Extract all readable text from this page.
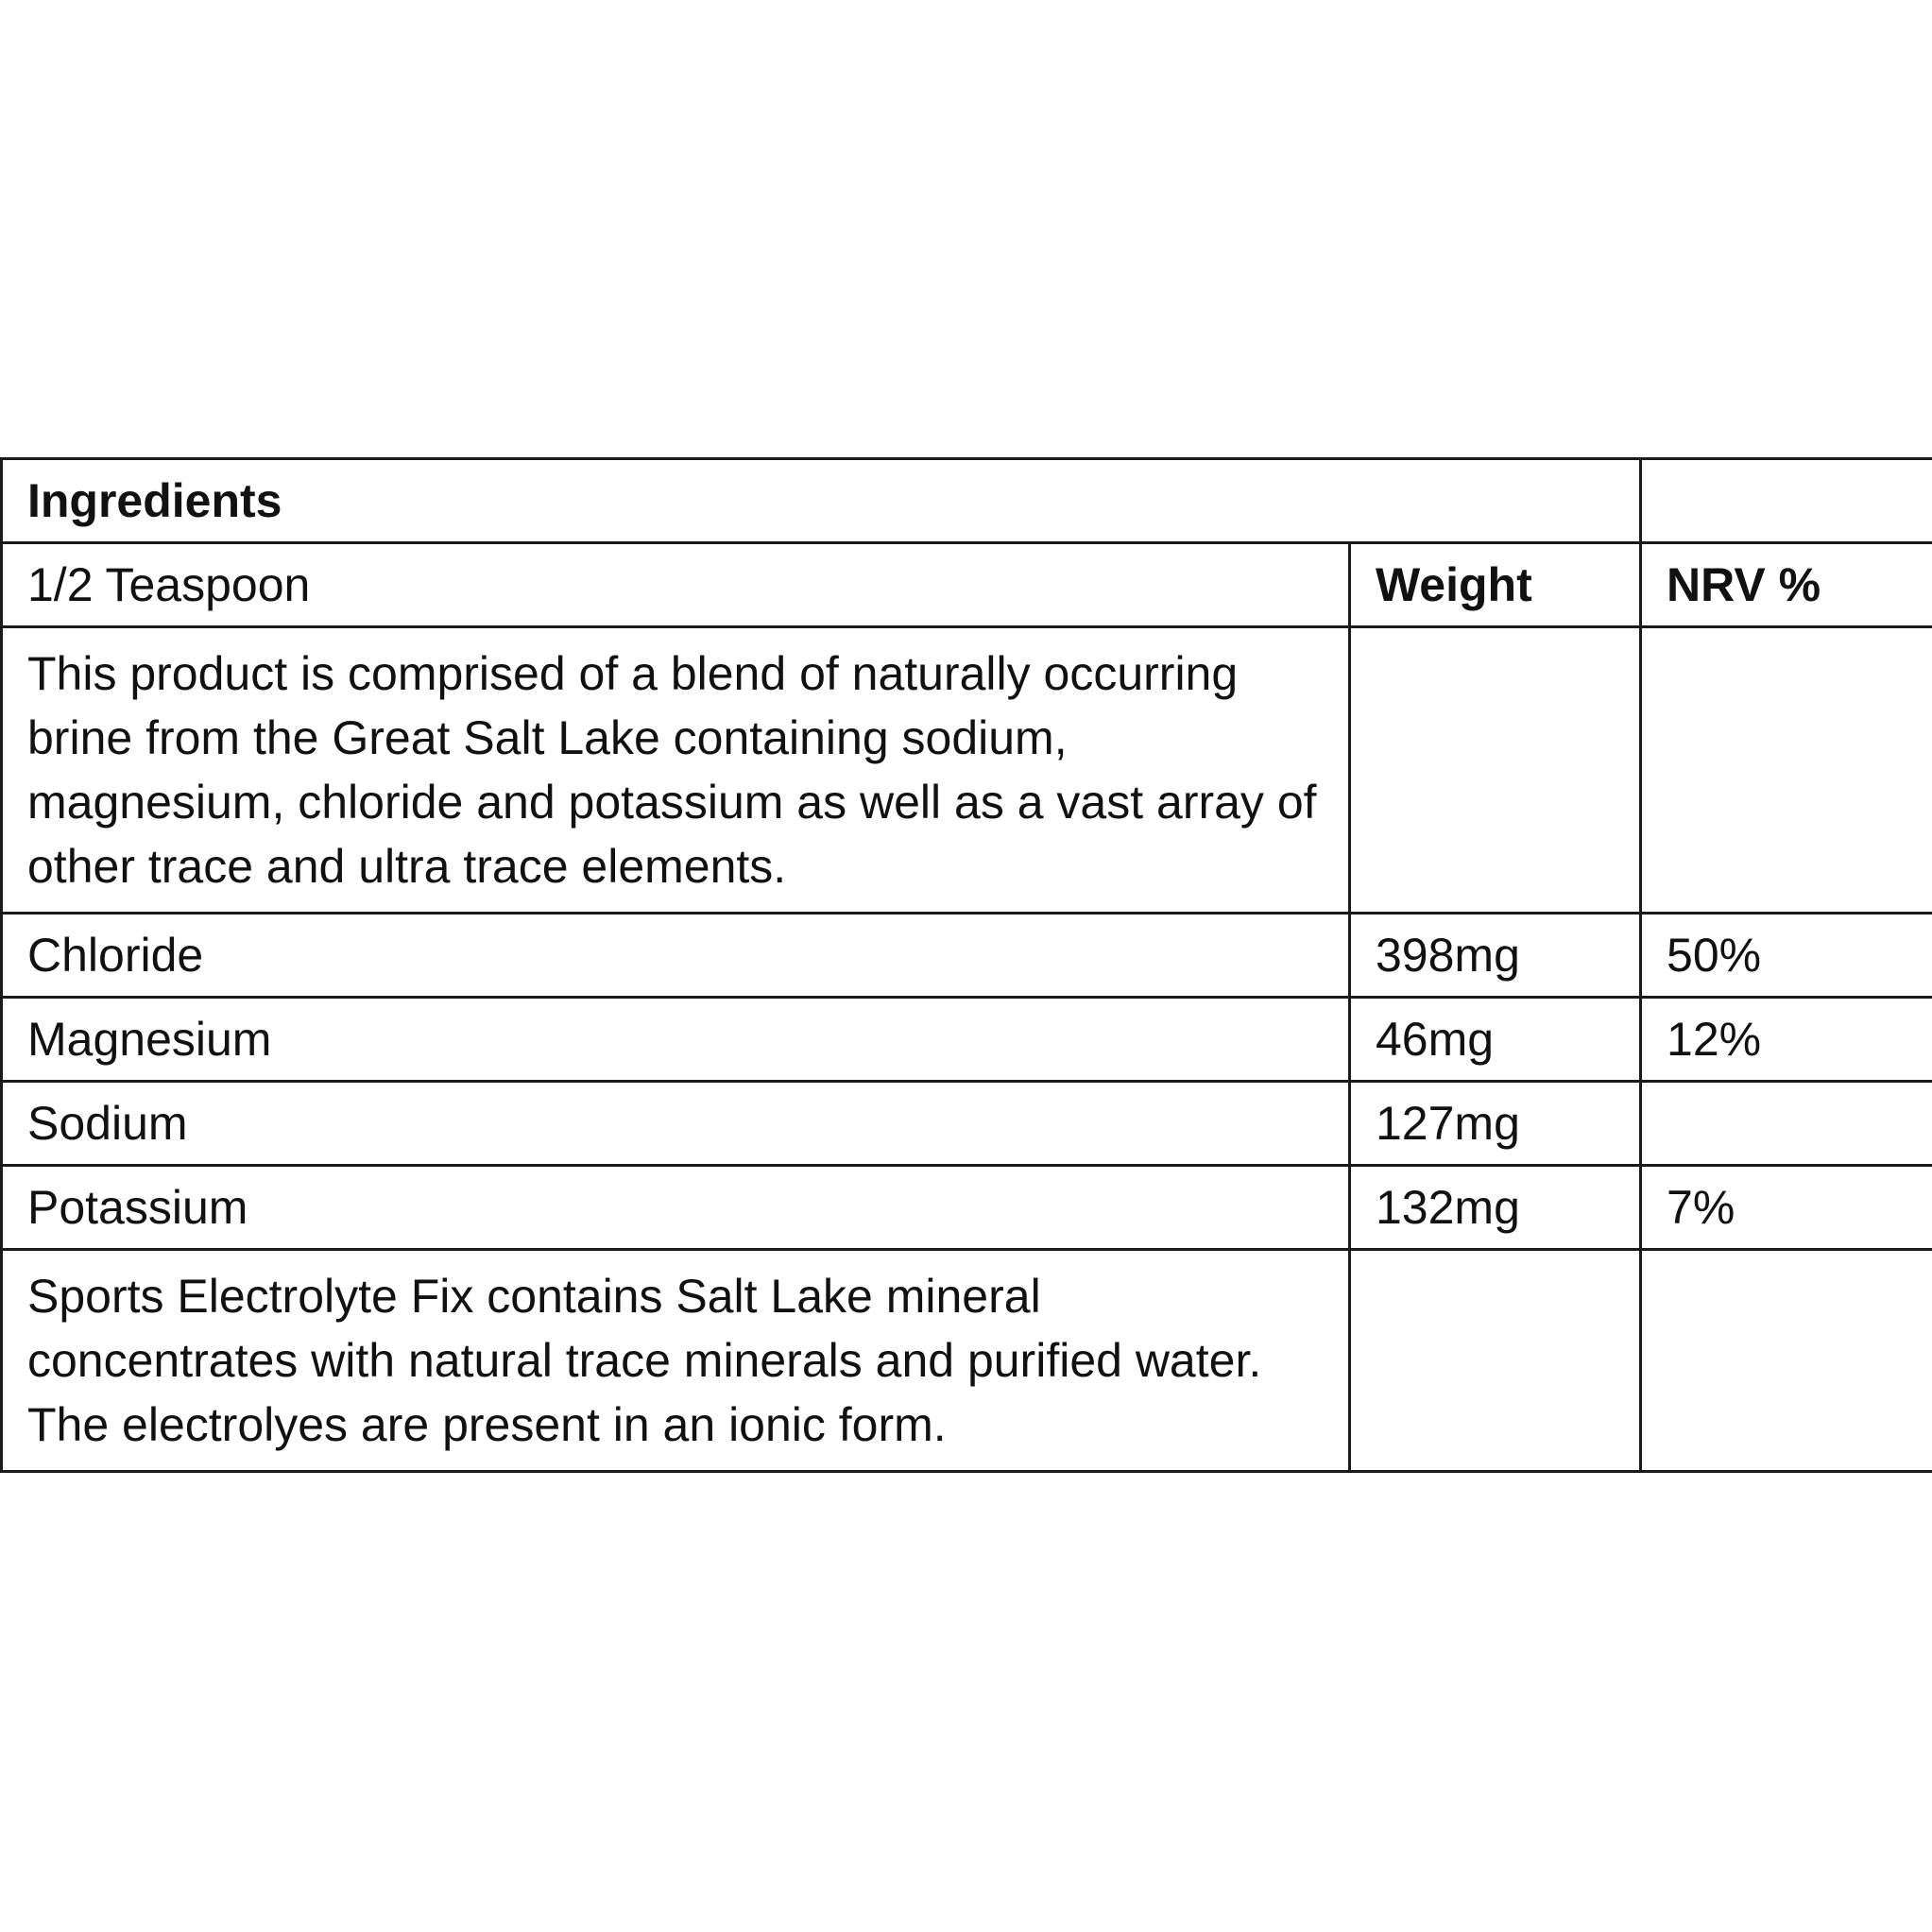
Ingredients		
1/2 Teaspoon	Weight	NRV %
This product is comprised of a blend of naturally occurring brine from the Great Salt Lake containing sodium, magnesium, chloride and potassium as well as a vast array of other trace and ultra trace elements.		
Chloride	398mg	50%
Magnesium	46mg	12%
Sodium	127mg	
Potassium	132mg	7%
Sports Electrolyte Fix contains Salt Lake mineral concentrates with natural trace minerals and purified water. The electrolyes are present in an ionic form.		
